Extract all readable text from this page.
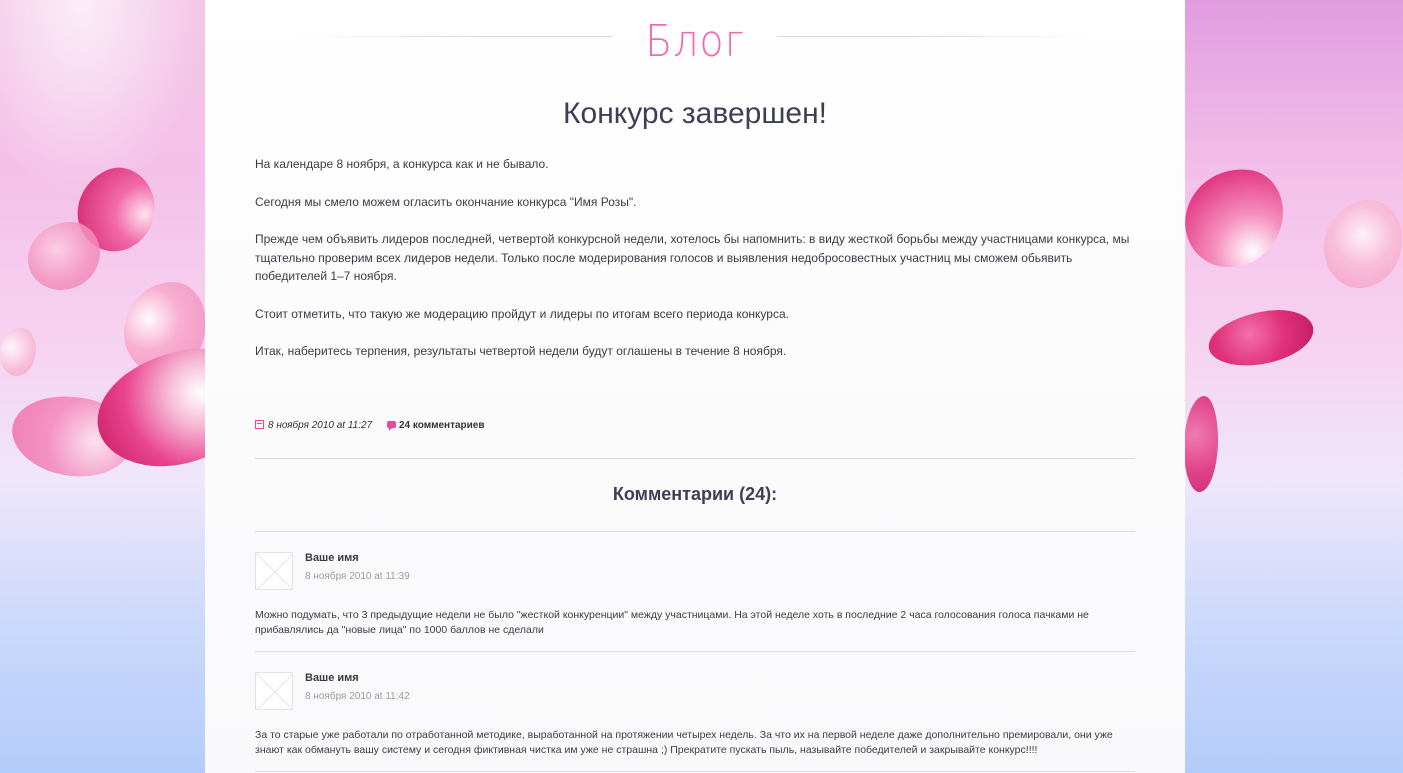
Блог
Конкурс завершен!

На календаре 8 ноября, а конкурса как и не бывало.

Сегодня мы смело можем огласить окончание конкурса "Имя Розы".

Прежде чем объявить лидеров последней, четвертой конкурсной недели, хотелось бы напомнить: в виду жесткой борьбы между участницами конкурса, мы тщательно проверим всех лидеров недели. Только после модерирования голосов и выявления недобросовестных участниц мы сможем обьявить победителей 1–7 ноября.

Стоит отметить, что такую же модерацию пройдут и лидеры по итогам всего периода конкурса.

Итак, наберитесь терпения, результаты четвертой недели будут оглашены в течение 8 ноября.

8 ноября 2010 at 11:27	24 комментариев
Комментарии (24):
Ваше имя
8 ноября 2010 at 11:39
Можно подумать, что 3 предыдущие недели не было "жесткой конкуренции" между участницами. На этой неделе хоть в последние 2 часа голосования голоса пачками не прибавлялись да "новые лица" по 1000 баллов не сделали
Ваше имя
8 ноября 2010 at 11:42
За то старые уже работали по отработанной методике, выработанной на протяжении четырех недель. За что их на первой неделе даже дополнительно премировали, они уже знают как обмануть вашу систему и сегодня фиктивная чистка им уже не страшна ;) Прекратите пускать пыль, называйте победителей и закрывайте конкурс!!!!
